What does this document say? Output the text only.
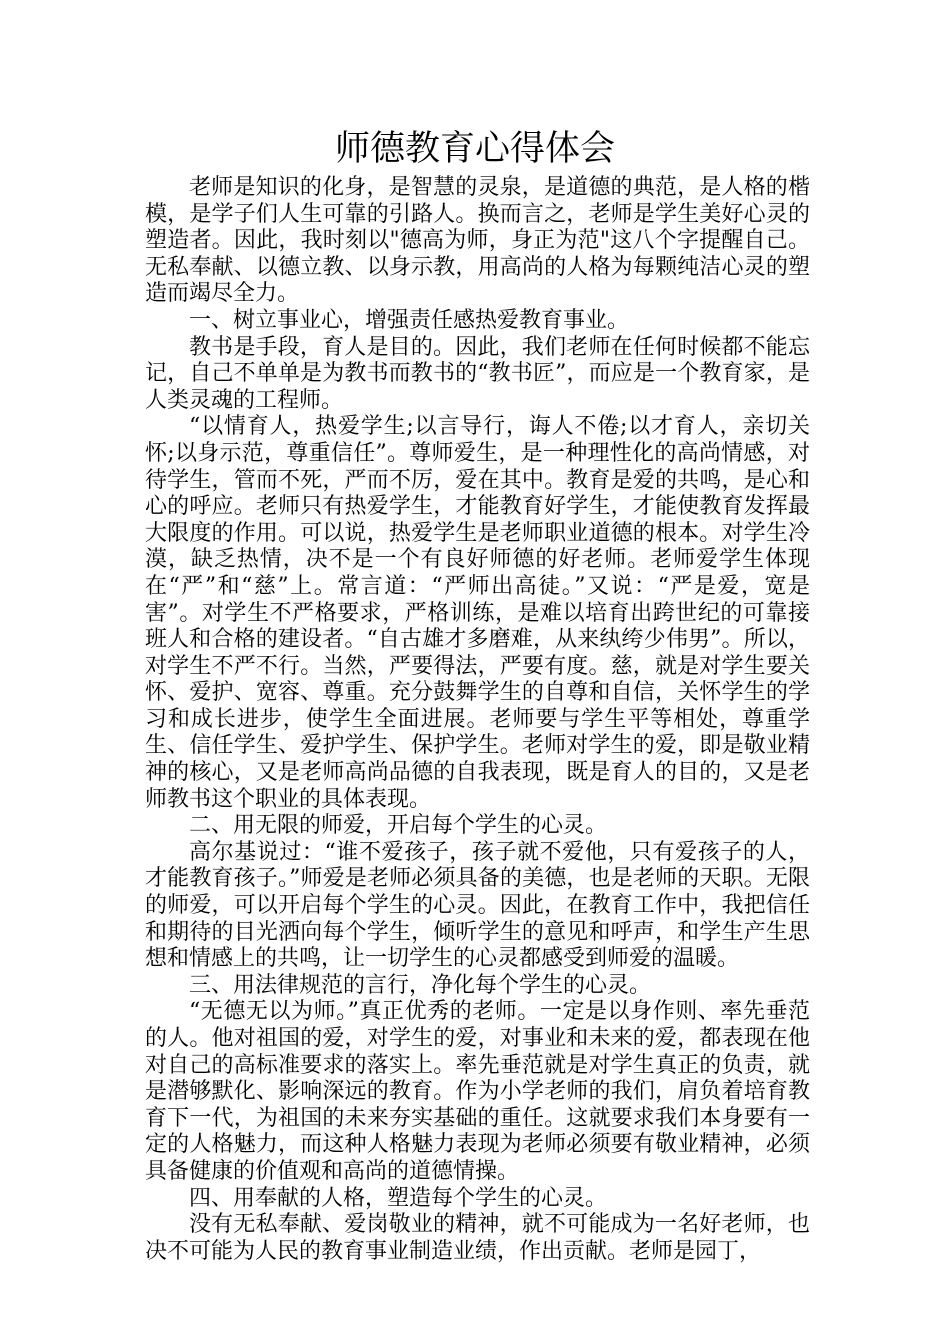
师德教育心得体会

老师是知识的化身，是智慧的灵泉，是道德的典范，是人格的楷模，是学子们人生可靠的引路人。换而言之，老师是学生美好心灵的塑造者。因此，我时刻以"德高为师，身正为范"这八个字提醒自己。无私奉献、以德立教、以身示教，用高尚的人格为每颗纯洁心灵的塑造而竭尽全力。

一、树立事业心，增强责任感热爱教育事业。

教书是手段，育人是目的。因此，我们老师在任何时候都不能忘记，自己不单单是为教书而教书的“教书匠”，而应是一个教育家，是人类灵魂的工程师。

“以情育人，热爱学生;以言导行，诲人不倦;以才育人，亲切关怀;以身示范，尊重信任”。尊师爱生，是一种理性化的高尚情感，对待学生，管而不死，严而不厉，爱在其中。教育是爱的共鸣，是心和心的呼应。老师只有热爱学生，才能教育好学生，才能使教育发挥最大限度的作用。可以说，热爱学生是老师职业道德的根本。对学生冷漠，缺乏热情，决不是一个有良好师德的好老师。老师爱学生体现在“严”和“慈”上。常言道：“严师出高徒。”又说：“严是爱，宽是害”。对学生不严格要求，严格训练，是难以培育出跨世纪的可靠接班人和合格的建设者。“自古雄才多磨难，从来纨绔少伟男”。所以，对学生不严不行。当然，严要得法，严要有度。慈，就是对学生要关怀、爱护、宽容、尊重。充分鼓舞学生的自尊和自信，关怀学生的学习和成长进步，使学生全面进展。老师要与学生平等相处，尊重学生、信任学生、爱护学生、保护学生。老师对学生的爱，即是敬业精神的核心，又是老师高尚品德的自我表现，既是育人的目的，又是老师教书这个职业的具体表现。

二、用无限的师爱，开启每个学生的心灵。

高尔基说过：“谁不爱孩子，孩子就不爱他，只有爱孩子的人，才能教育孩子。”师爱是老师必须具备的美德，也是老师的天职。无限的师爱，可以开启每个学生的心灵。因此，在教育工作中，我把信任和期待的目光洒向每个学生，倾听学生的意见和呼声，和学生产生思想和情感上的共鸣，让一切学生的心灵都感受到师爱的温暖。

三、用法律规范的言行，净化每个学生的心灵。

“无德无以为师。”真正优秀的老师。一定是以身作则、率先垂范的人。他对祖国的爱，对学生的爱，对事业和未来的爱，都表现在他对自己的高标准要求的落实上。率先垂范就是对学生真正的负责，就是潜够默化、影响深远的教育。作为小学老师的我们，肩负着培育教育下一代，为祖国的未来夯实基础的重任。这就要求我们本身要有一定的人格魅力，而这种人格魅力表现为老师必须要有敬业精神，必须具备健康的价值观和高尚的道德情操。

四、用奉献的人格，塑造每个学生的心灵。

没有无私奉献、爱岗敬业的精神，就不可能成为一名好老师，也决不可能为人民的教育事业制造业绩，作出贡献。老师是园丁，
